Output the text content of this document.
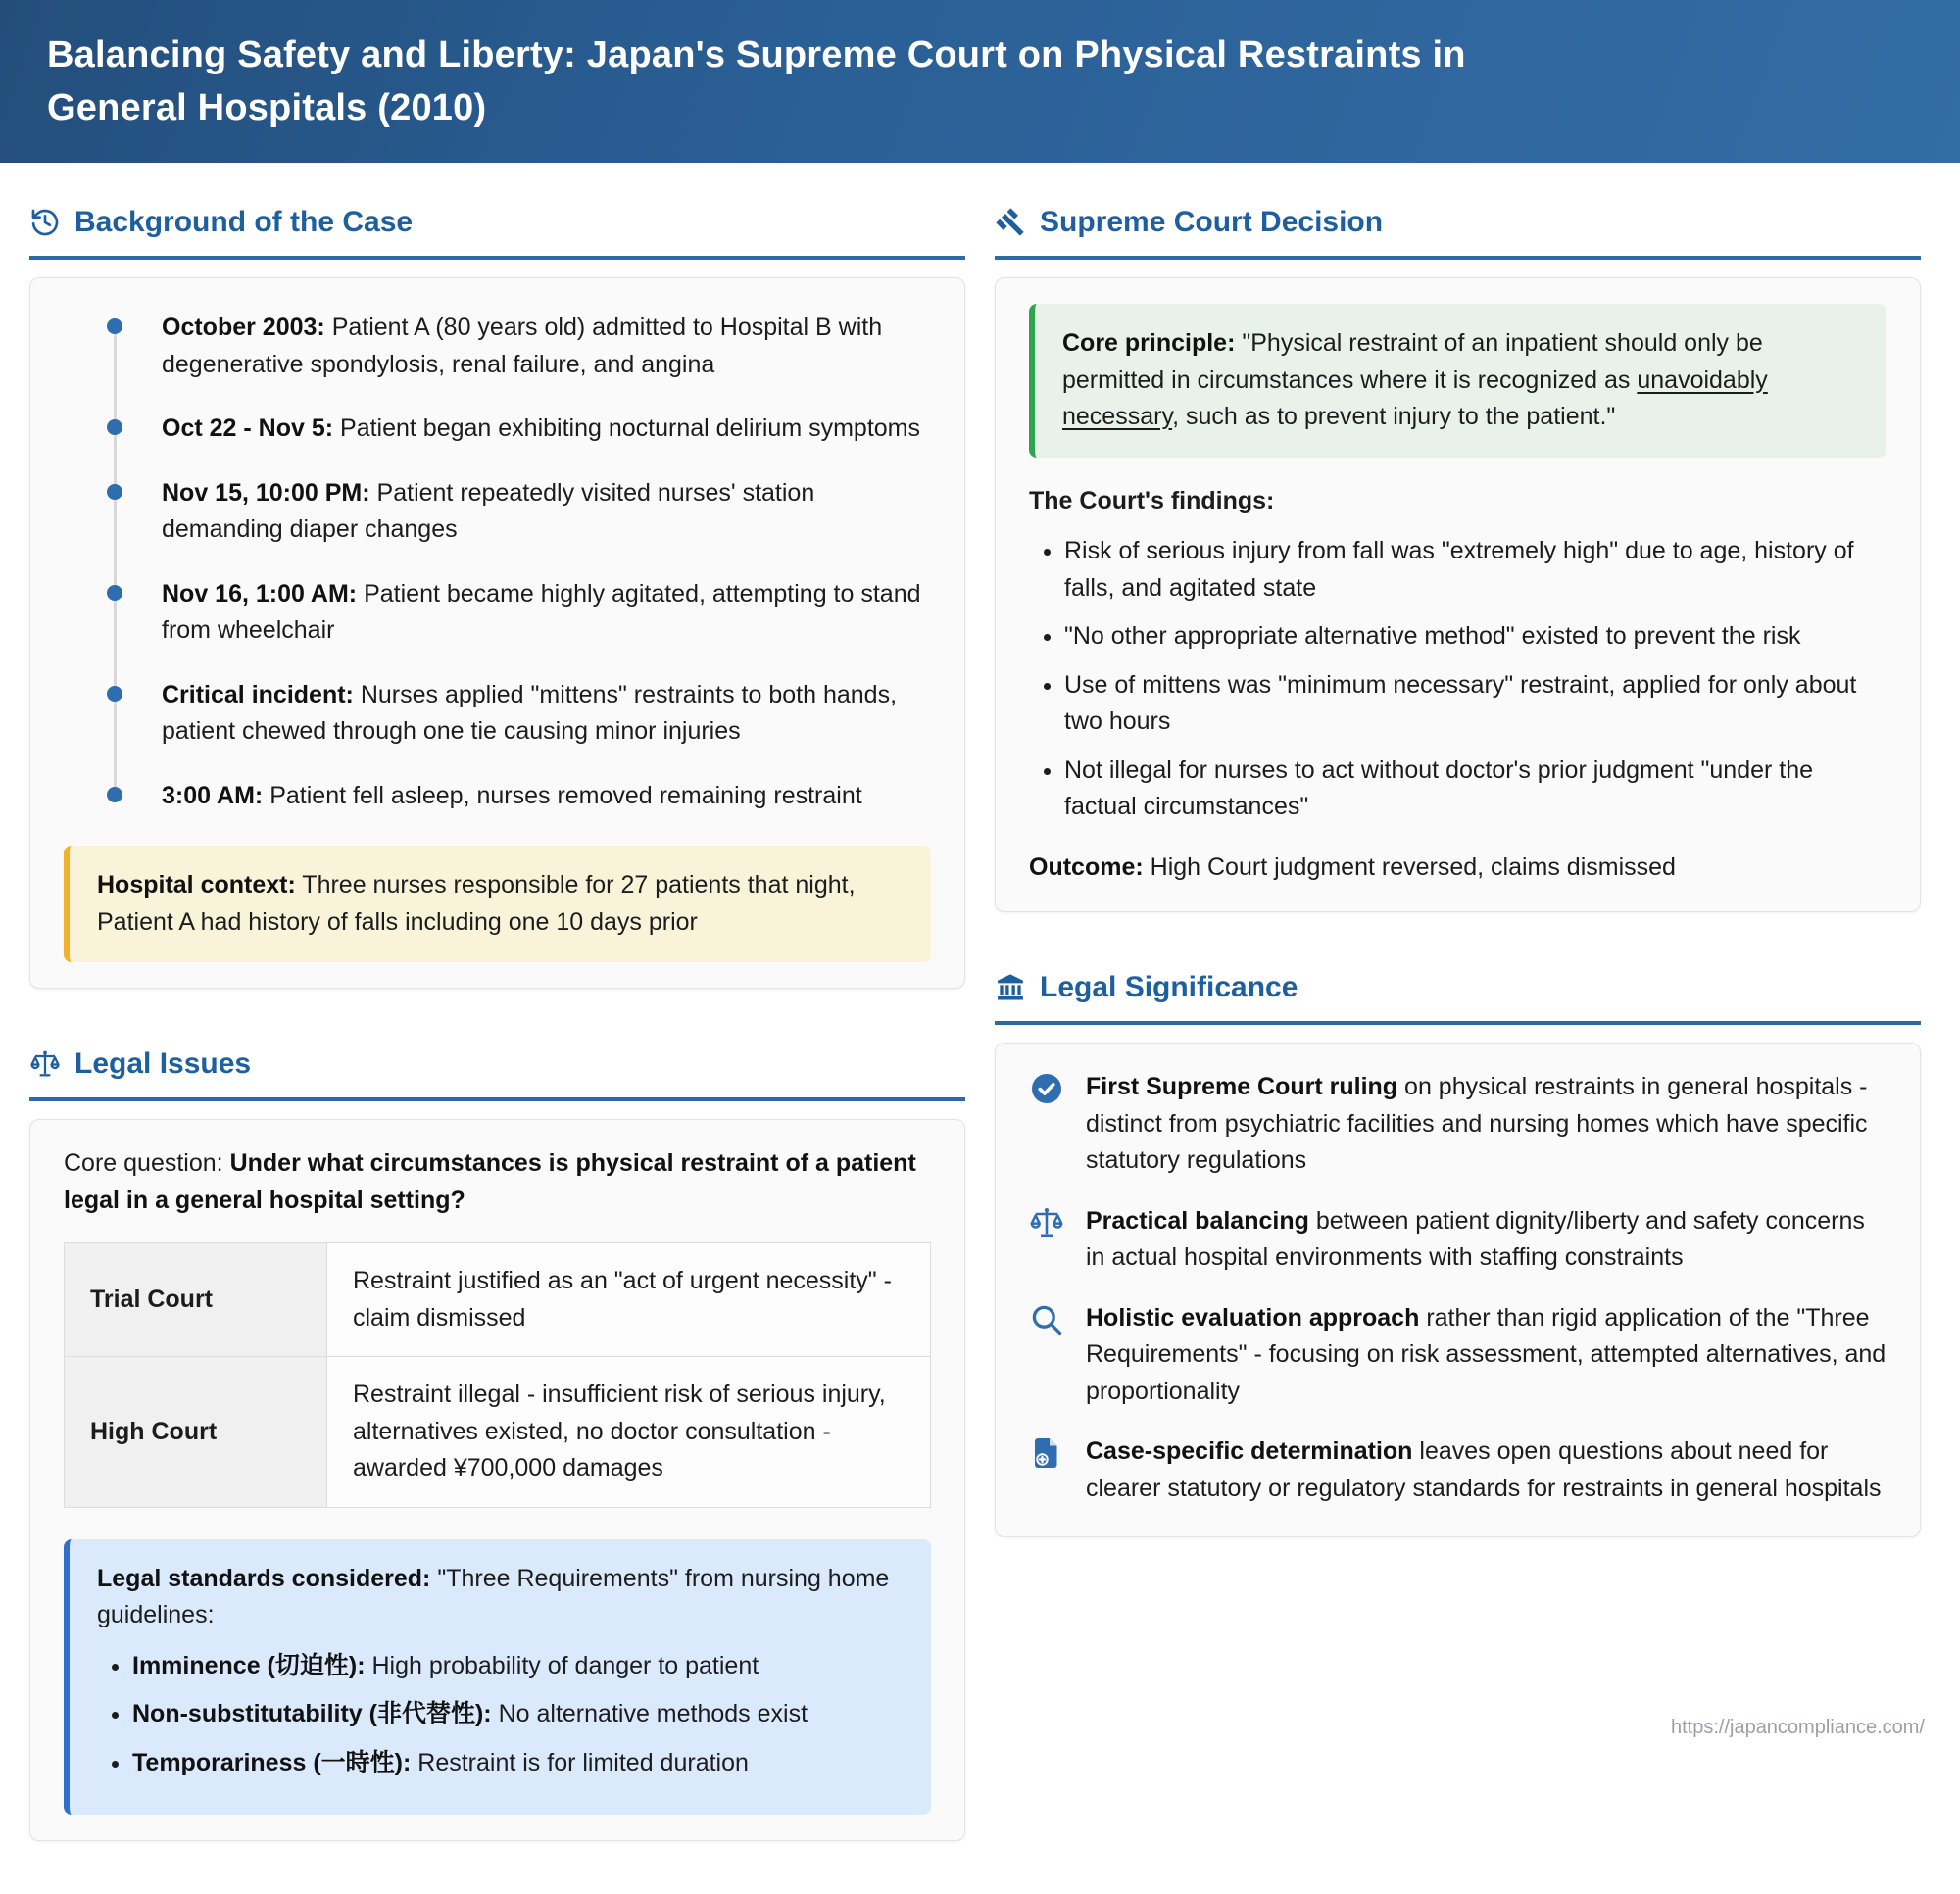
Balancing Safety and Liberty: Japan's Supreme Court on Physical Restraints in General Hospitals (2010)
Background of the Case
October 2003: Patient A (80 years old) admitted to Hospital B with degenerative spondylosis, renal failure, and angina
Oct 22 - Nov 5: Patient began exhibiting nocturnal delirium symptoms
Nov 15, 10:00 PM: Patient repeatedly visited nurses' station demanding diaper changes
Nov 16, 1:00 AM: Patient became highly agitated, attempting to stand from wheelchair
Critical incident: Nurses applied "mittens" restraints to both hands, patient chewed through one tie causing minor injuries
3:00 AM: Patient fell asleep, nurses removed remaining restraint
Hospital context: Three nurses responsible for 27 patients that night, Patient A had history of falls including one 10 days prior
Legal Issues

Core question: Under what circumstances is physical restraint of a patient legal in a general hospital setting?

Trial Court	Restraint justified as an "act of urgent necessity" - claim dismissed
High Court	Restraint illegal - insufficient risk of serious injury, alternatives existed, no doctor consultation - awarded ¥700,000 damages

Legal standards considered: "Three Requirements" from nursing home guidelines:

• Imminence (切迫性): High probability of danger to patient
• Non-substitutability (非代替性): No alternative methods exist
• Temporariness (一時性): Restraint is for limited duration
Supreme Court Decision
Core principle: "Physical restraint of an inpatient should only be permitted in circumstances where it is recognized as unavoidably necessary, such as to prevent injury to the patient."

The Court's findings:

• Risk of serious injury from fall was "extremely high" due to age, history of falls, and agitated state
• "No other appropriate alternative method" existed to prevent the risk
• Use of mittens was "minimum necessary" restraint, applied for only about two hours
• Not illegal for nurses to act without doctor's prior judgment "under the factual circumstances"

Outcome: High Court judgment reversed, claims dismissed

Legal Significance
First Supreme Court ruling on physical restraints in general hospitals - distinct from psychiatric facilities and nursing homes which have specific statutory regulations
Practical balancing between patient dignity/liberty and safety concerns in actual hospital environments with staffing constraints
Holistic evaluation approach rather than rigid application of the "Three Requirements" - focusing on risk assessment, attempted alternatives, and proportionality
Case-specific determination leaves open questions about need for clearer statutory or regulatory standards for restraints in general hospitals
https://japancompliance.com/
